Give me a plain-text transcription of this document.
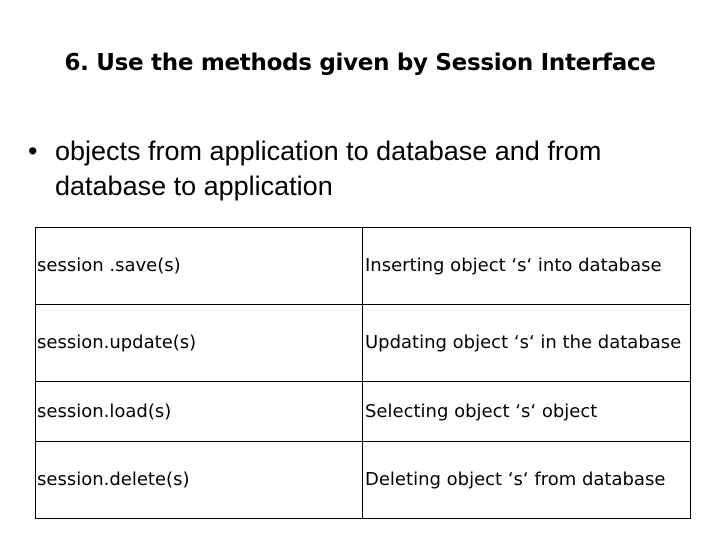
6. Use the methods given by Session Interface
• objects from application to database and from database to application
session .save(s)	Inserting object ‘s‘ into database
session.update(s)	Updating object ‘s‘ in the database
session.load(s)	Selecting object ‘s‘ object
session.delete(s)	Deleting object ‘s‘ from database
